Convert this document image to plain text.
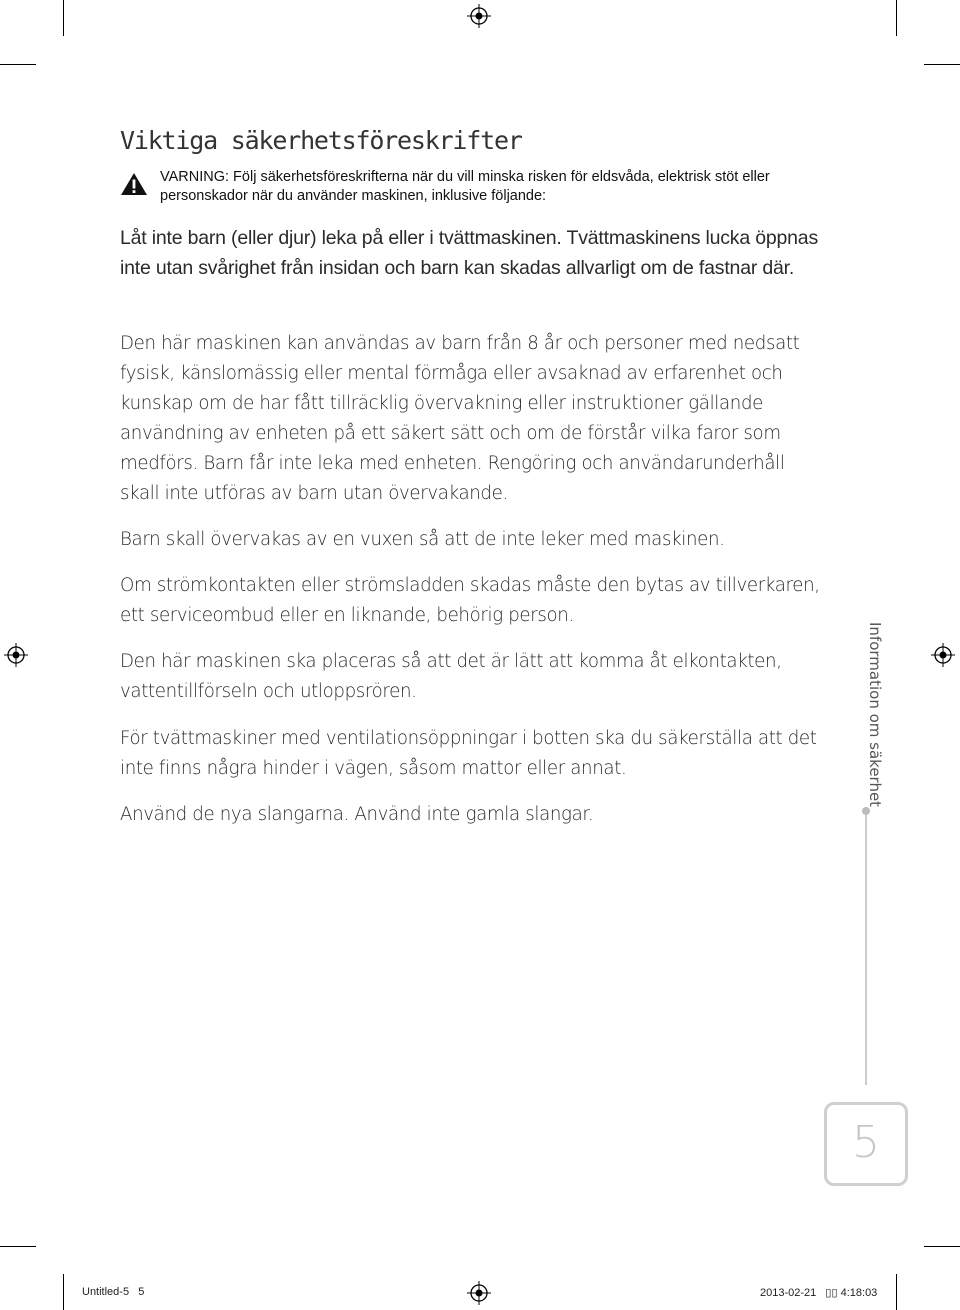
Viktiga säkerhetsföreskrifter
VARNING: Följ säkerhetsföreskrifterna när du vill minska risken för eldsvåda, elektrisk stöt eller
personskador när du använder maskinen, inklusive följande:

Låt inte barn (eller djur) leka på eller i tvättmaskinen. Tvättmaskinens lucka öppnas inte utan svårighet från insidan och barn kan skadas allvarligt om de fastnar där.

Den här maskinen kan användas av barn från 8 år och personer med nedsatt fysisk, känslomässig eller mental förmåga eller avsaknad av erfarenhet och kunskap om de har fått tillräcklig övervakning eller instruktioner gällande användning av enheten på ett säkert sätt och om de förstår vilka faror som medförs. Barn får inte leka med enheten. Rengöring och användarunderhåll skall inte utföras av barn utan övervakande.

Barn skall övervakas av en vuxen så att de inte leker med maskinen.

Om strömkontakten eller strömsladden skadas måste den bytas av tillverkaren, ett serviceombud eller en liknande, behörig person.

Den här maskinen ska placeras så att det är lätt att komma åt elkontakten, vattentillförseln och utloppsrören.

För tvättmaskiner med ventilationsöppningar i botten ska du säkerställa att det inte finns några hinder i vägen, såsom mattor eller annat.

Använd de nya slangarna. Använd inte gamla slangar.

Information om säkerhet
5
Untitled-5   5	2013-02-21   ▯▯ 4:18:03
